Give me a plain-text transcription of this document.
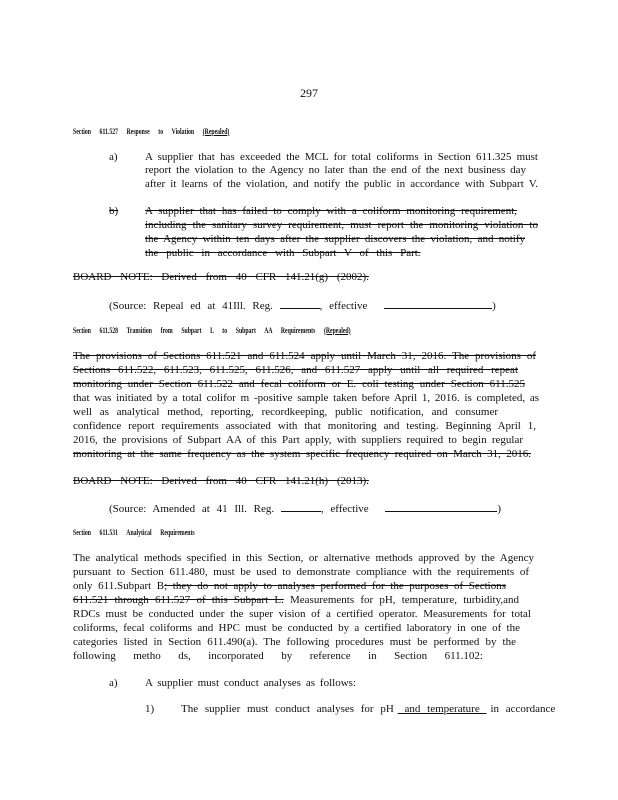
297
Section 611.527 Response to Violation (Repealed)
a) A supplier that has exceeded the MCL for total coliforms in Section 611.325 must
report the violation to the Agency no later than the end of the next business day
after it learns of the violation, and notify the public in accordance with Subpart V.
b) A supplier that has failed to comply with a coliform monitoring requirement,
including the sanitary survey requirement, must report the monitoring violation to
the Agency within ten days after the supplier discovers the violation, and notify
the public in accordance with Subpart V of this Part.
BOARD NOTE: Derived from 40 CFR 141.21(g) (2002).
(Source: Repeal ed at 41Ill. Reg.	, effective	)
Section 611.528 Transition from Subpart L to Subpart AA Requirements (Repealed)
The provisions of Sections 611.521 and 611.524 apply until March 31, 2016. The provisions of
Sections 611.522, 611.523, 611.525, 611.526, and 611.527 apply until all required repeat
monitoring under Section 611.522 and fecal coliform or E. coli testing under Section 611.525
that was initiated by a total colifor m -positive sample taken before April 1, 2016. is completed, as
well as analytical method, reporting, recordkeeping, public notification, and consumer
confidence report requirements associated with that monitoring and testing. Beginning April 1,
2016, the provisions of Subpart AA of this Part apply, with suppliers required to begin regular
monitoring at the same frequency as the system specific frequency required on March 31, 2016.
BOARD NOTE: Derived from 40 CFR 141.21(h) (2013).
(Source: Amended at 41 Ill. Reg.	, effective	)
Section 611.531 Analytical Requirements
The analytical methods specified in this Section, or alternative methods approved by the Agency
pursuant to Section 611.480, must be used to demonstrate compliance with the requirements of
only 611.Subpart B; they do not apply to analyses performed for the purposes of Sections
611.521 through 611.527 of this Subpart L. Measurements for pH, temperature, turbidity,and
RDCs must be conducted under the super vision of a certified operator. Measurements for total
coliforms, fecal coliforms and HPC must be conducted by a certified laboratory in one of the
categories listed in Section 611.490(a). The following procedures must be performed by the
following metho ds, incorporated by reference in Section 611.102:
a) A supplier must conduct analyses as follows:
1) The supplier must conduct analyses for pH and temperature in accordance
